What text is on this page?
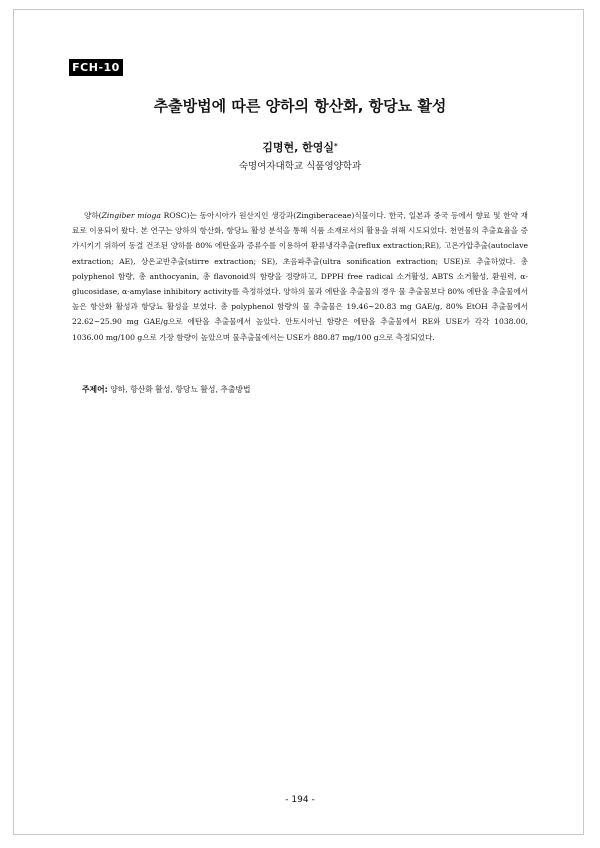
FCH-10
추출방법에 따른 양하의 항산화, 항당뇨 활성
김명현, 한영실*
숙명여자대학교 식품영양학과

양하(Zingiber mioga ROSC)는 동아시아가 원산지인 생강과(Zingiberaceae)식물이다. 한국, 일본과 중국 등에서 향료 및 한약 재료로 이용되어 왔다. 본 연구는 양하의 항산화, 항당뇨 활성 분석을 통해 식품 소재로서의 활용을 위해 시도되었다. 천연물의 추출효율을 증가시키기 위하여 동결 건조된 양하를 80% 에탄올과 증류수를 이용하여 환류냉각추출(reflux extraction;RE), 고온가압추출(autoclave extraction; AE), 상온교반추출(stirre extraction; SE), 초음파추출(ultra sonification extraction; USE)로 추출하였다. 총 polyphenol 함량, 총 anthocyanin, 총 flavonoid의 함량을 정량하고, DPPH free radical 소거활성, ABTS 소거활성, 환원력, α-glucosidase, α-amylase inhibitory activity를 측정하였다. 양하의 물과 에탄올 추출물의 경우 물 추출물보다 80% 에탄올 추출물에서 높은 항산화 활성과 항당뇨 활성을 보였다. 총 polyphenol 함량의 물 추출물은 19.46∼20.83 mg GAE/g, 80% EtOH 추출물에서 22.62∼25.90 mg GAE/g으로 에탄올 추출물에서 높았다. 안토시아닌 함량은 에탄올 추출물에서 RE와 USE가 각각 1038.00, 1036.00 mg/100 g으로 가장 함량이 높았으며 물추출물에서는 USE가 880.87 mg/100 g으로 측정되었다.

주제어: 양하, 항산화 활성, 항당뇨 활성, 추출방법
- 194 -
